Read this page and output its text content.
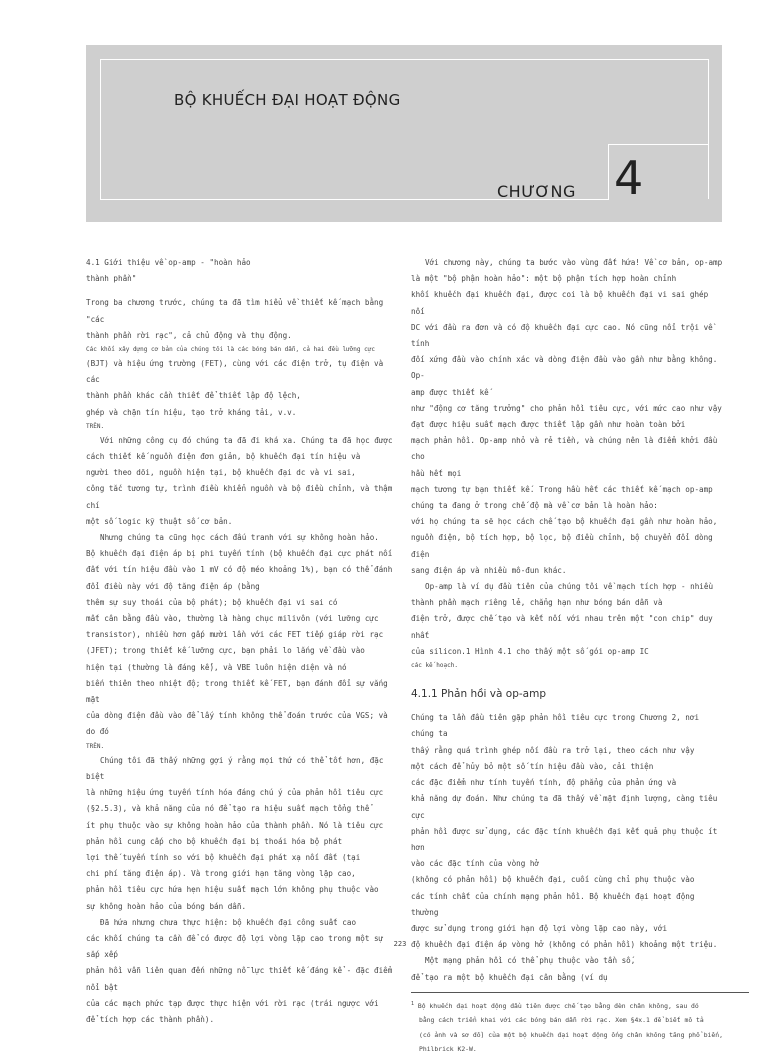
BỘ KHUẾCH ĐẠI HOẠT ĐỘNG
CHƯƠNG 4

4.1 Giới thiệu về op-amp - "hoàn hảo

thành phần"

Trong ba chương trước, chúng ta đã tìm hiểu về thiết kế mạch bằng "các

thành phần rời rạc", cả chủ động và thụ động.

Các khối xây dựng cơ bản của chúng tôi là các bóng bán dẫn, cả hai đều lưỡng cực

(BJT) và hiệu ứng trường (FET), cùng với các điện trở, tụ điện và các

thành phần khác cần thiết để thiết lập độ lệch,

ghép và chặn tín hiệu, tạo trở kháng tải, v.v.

TRÊN.

Với những công cụ đó chúng ta đã đi khá xa. Chúng ta đã học được

cách thiết kế nguồn điện đơn giản, bộ khuếch đại tín hiệu và

người theo dõi, nguồn hiện tại, bộ khuếch đại dc và vi sai,

công tắc tương tự, trình điều khiển nguồn và bộ điều chỉnh, và thậm chí

một số logic kỹ thuật số cơ bản.

Nhưng chúng ta cũng học cách đấu tranh với sự không hoàn hảo.

Bộ khuếch đại điện áp bị phi tuyến tính (bộ khuếch đại cực phát nối

đất với tín hiệu đầu vào 1 mV có độ méo khoảng 1%), bạn có thể đánh

đổi điều này với độ tăng điện áp (bằng

thêm sự suy thoái của bộ phát); bộ khuếch đại vi sai có

mất cân bằng đầu vào, thường là hàng chục milivôn (với lưỡng cực

transistor), nhiều hơn gấp mười lần với các FET tiếp giáp rời rạc

(JFET); trong thiết kế lưỡng cực, bạn phải lo lắng về đầu vào

hiện tại (thường là đáng kể), và VBE luôn hiện diện và nó

biến thiên theo nhiệt độ; trong thiết kế FET, bạn đánh đổi sự vắng mặt

của dòng điện đầu vào để lấy tính không thể đoán trước của VGS; và do đó

TRÊN.

Chúng tôi đã thấy những gợi ý rằng mọi thứ có thể tốt hơn, đặc biệt

là những hiệu ứng tuyến tính hóa đáng chú ý của phản hồi tiêu cực

(§2.5.3), và khả năng của nó để tạo ra hiệu suất mạch tổng thể

ít phụ thuộc vào sự không hoàn hảo của thành phần. Nó là tiêu cực

phản hồi cung cấp cho bộ khuếch đại bị thoái hóa bộ phát

lợi thế tuyến tính so với bộ khuếch đại phát xạ nối đất (tại

chi phí tăng điện áp). Và trong giới hạn tăng vòng lặp cao,

phản hồi tiêu cực hứa hẹn hiệu suất mạch lớn không phụ thuộc vào

sự không hoàn hảo của bóng bán dẫn.

Đã hứa nhưng chưa thực hiện: bộ khuếch đại công suất cao

các khối chúng ta cần để có được độ lợi vòng lặp cao trong một sự sắp xếp

phản hồi vẫn liên quan đến những nỗ lực thiết kế đáng kể - đặc điểm nổi bật

của các mạch phức tạp được thực hiện với rời rạc (trái ngược với

để tích hợp các thành phần).

Với chương này, chúng ta bước vào vùng đất hứa! Về cơ bản, op-amp

là một "bộ phận hoàn hảo": một bộ phận tích hợp hoàn chỉnh

khối khuếch đại khuếch đại, được coi là bộ khuếch đại vi sai ghép nối

DC với đầu ra đơn và có độ khuếch đại cực cao. Nó cũng nổi trội về tính

đối xứng đầu vào chính xác và dòng điện đầu vào gần như bằng không. Op-

amp được thiết kế

như "động cơ tăng trưởng" cho phản hồi tiêu cực, với mức cao như vậy

đạt được hiệu suất mạch được thiết lập gần như hoàn toàn bởi

mạch phản hồi. Op-amp nhỏ và rẻ tiền, và chúng nên là điểm khởi đầu cho

hầu hết mọi

mạch tương tự bạn thiết kế. Trong hầu hết các thiết kế mạch op-amp

chúng ta đang ở trong chế độ mà về cơ bản là hoàn hảo:

với họ chúng ta sẽ học cách chế tạo bộ khuếch đại gần như hoàn hảo,

nguồn điện, bộ tích hợp, bộ lọc, bộ điều chỉnh, bộ chuyển đổi dòng điện

sang điện áp và nhiều mô-đun khác.

Op-amp là ví dụ đầu tiên của chúng tôi về mạch tích hợp - nhiều

thành phần mạch riêng lẻ, chẳng hạn như bóng bán dẫn và

điện trở, được chế tạo và kết nối với nhau trên một "con chip" duy nhất

của silicon.1 Hình 4.1 cho thấy một số gói op-amp IC

các kế hoạch.

4.1.1 Phản hồi và op-amp

Chúng ta lần đầu tiên gặp phản hồi tiêu cực trong Chương 2, nơi chúng ta

thấy rằng quá trình ghép nối đầu ra trở lại, theo cách như vậy

một cách để hủy bỏ một số tín hiệu đầu vào, cải thiện

các đặc điểm như tính tuyến tính, độ phẳng của phản ứng và

khả năng dự đoán. Như chúng ta đã thấy về mặt định lượng, càng tiêu cực

phản hồi được sử dụng, các đặc tính khuếch đại kết quả phụ thuộc ít hơn

vào các đặc tính của vòng hở

(không có phản hồi) bộ khuếch đại, cuối cùng chỉ phụ thuộc vào

các tính chất của chính mạng phản hồi. Bộ khuếch đại hoạt động thường

được sử dụng trong giới hạn độ lợi vòng lặp cao này, với

độ khuếch đại điện áp vòng hở (không có phản hồi) khoảng một triệu.

Một mạng phản hồi có thể phụ thuộc vào tần số,

để tạo ra một bộ khuếch đại cân bằng (ví dụ

$^1$ Bộ khuếch đại hoạt động đầu tiên được chế tạo bằng đèn chân không, sau đó

bằng cách triển khai với các bóng bán dẫn rời rạc. Xem §4x.1 để biết mô tả

(có ảnh và sơ đồ) của một bộ khuếch đại hoạt động ống chân không tăng phổ biến,

Philbrick K2-W.

223
